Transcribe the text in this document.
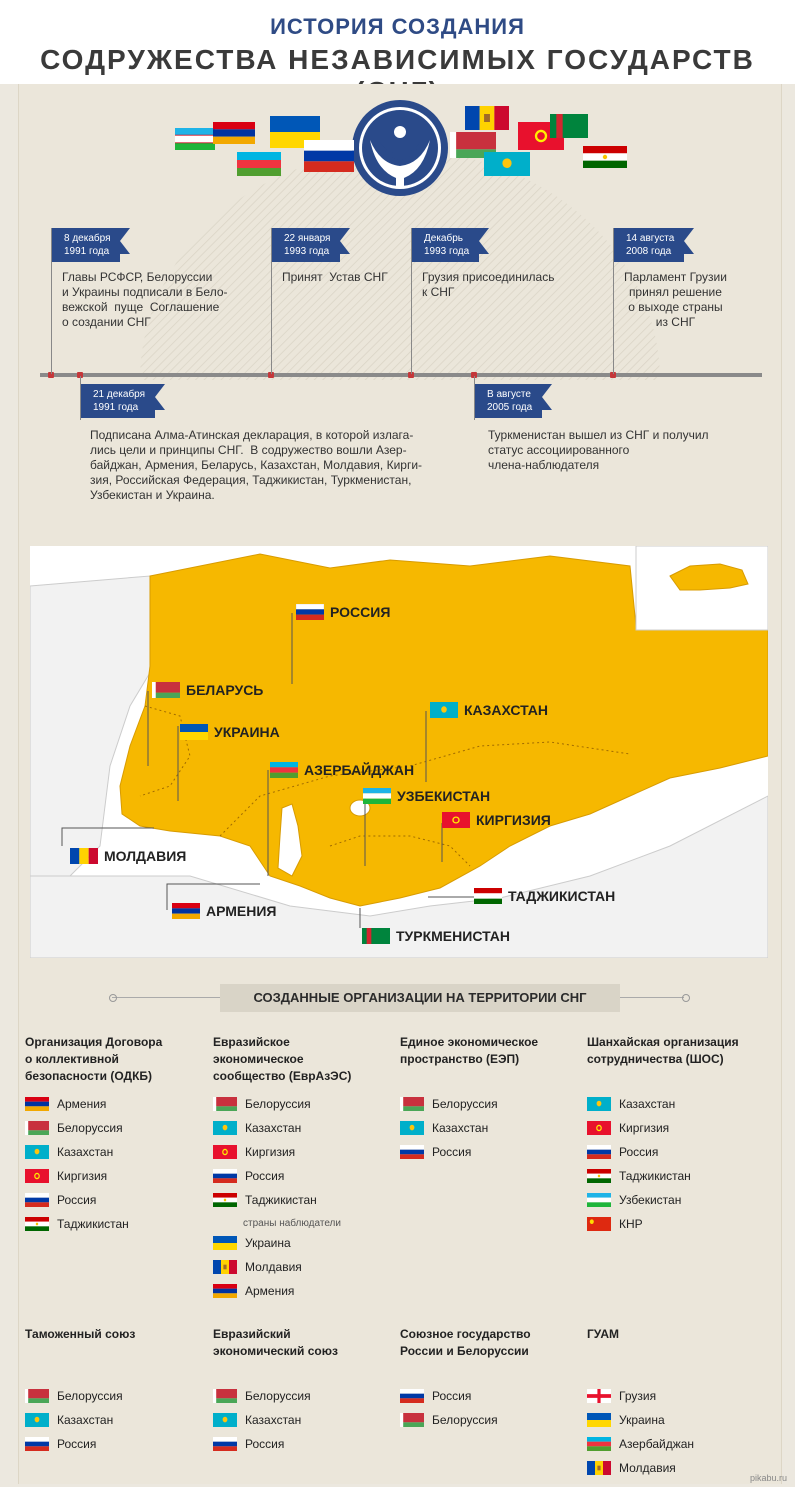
ИСТОРИЯ СОЗДАНИЯ
СОДРУЖЕСТВА НЕЗАВИСИМЫХ ГОСУДАРСТВ
8 декабря
1991 года
Главы РСФСР, Белоруссии
и Украины подписали в Бело-
вежской  пуще  Соглашение
о создании СНГ
22 января
1993 года
Принят  Устав СНГ
Декабрь
1993 года
Грузия присоединилась
к СНГ
14 августа
2008 года
Парламент Грузии
принял решение
о выходе страны
из СНГ
21 декабря
1991 года
Подписана Алма-Атинская декларация, в которой излага-
лись цели и принципы СНГ.  В содружество вошли Азер-
байджан, Армения, Беларусь, Казахстан, Молдавия, Кирги-
зия, Российская Федерация, Таджикистан, Туркменистан,
Узбекистан и Украина.
В августе
2005 года
Туркменистан вышел из СНГ и получил
статус ассоциированного
члена-наблюдателя
РОССИЯ
БЕЛАРУСЬ
УКРАИНА
КАЗАХСТАН
АЗЕРБАЙДЖАН
УЗБЕКИСТАН
КИРГИЗИЯ
МОЛДАВИЯ
ТАДЖИКИСТАН
АРМЕНИЯ
ТУРКМЕНИСТАН
СОЗДАННЫЕ ОРГАНИЗАЦИИ НА ТЕРРИТОРИИ СНГ
Организация Договора
о коллективной
безопасности (ОДКБ)
Армения
Белоруссия
Казахстан
Киргизия
Россия
Таджикистан
Евразийское
экономическое
сообщество (ЕврАзЭС)
Белоруссия
Казахстан
Киргизия
Россия
Таджикистан
страны наблюдатели
Украина
Молдавия
Армения
Единое экономическое
пространство (ЕЭП)
Белоруссия
Казахстан
Россия
Шанхайская организация
сотрудничества (ШОС)
Казахстан
Киргизия
Россия
Таджикистан
Узбекистан
КНР
Таможенный союз
Белоруссия
Казахстан
Россия
Евразийский
экономический союз
Белоруссия
Казахстан
Россия
Союзное государство
России и Белоруссии
Россия
Белоруссия
ГУАМ
Грузия
Украина
Азербайджан
Молдавия
pikabu.ru
